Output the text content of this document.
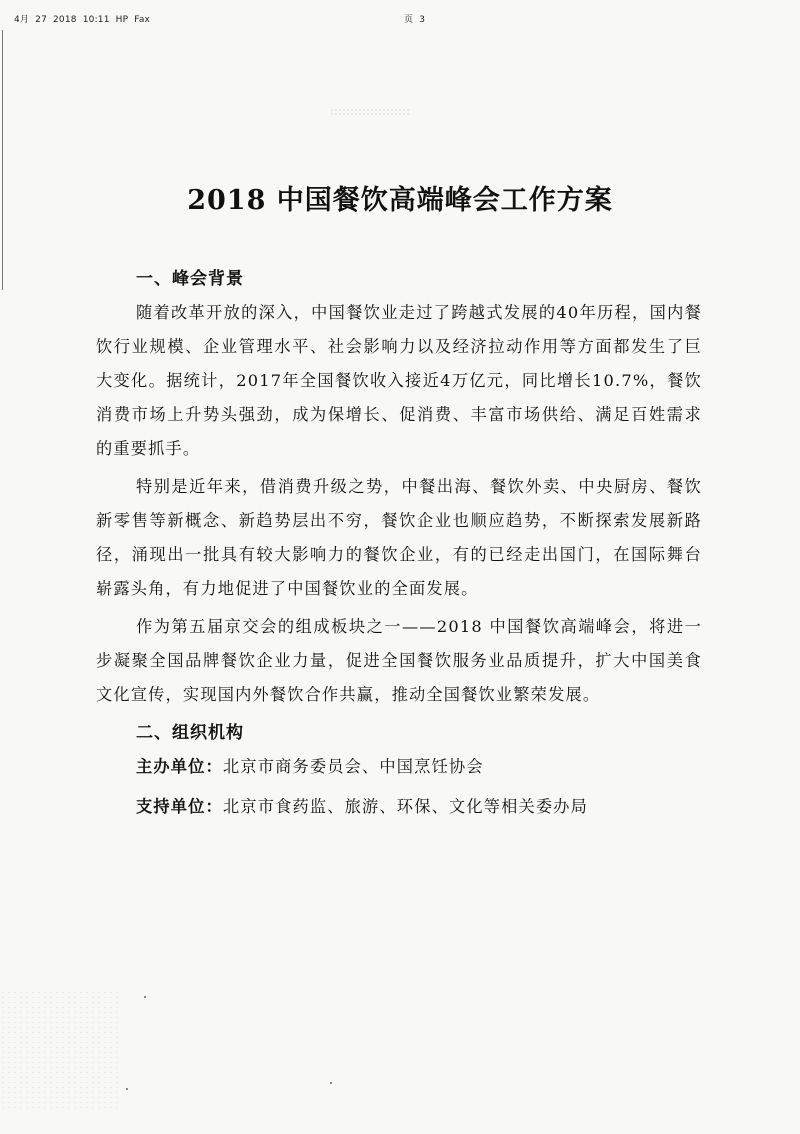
4月 27 2018 10:11 HP Fax	页 3
2018 中国餐饮高端峰会工作方案
一、峰会背景

随着改革开放的深入，中国餐饮业走过了跨越式发展的40年历程，国内餐饮行业规模、企业管理水平、社会影响力以及经济拉动作用等方面都发生了巨大变化。据统计，2017年全国餐饮收入接近4万亿元，同比增长10.7%，餐饮消费市场上升势头强劲，成为保增长、促消费、丰富市场供给、满足百姓需求的重要抓手。

特别是近年来，借消费升级之势，中餐出海、餐饮外卖、中央厨房、餐饮新零售等新概念、新趋势层出不穷，餐饮企业也顺应趋势，不断探索发展新路径，涌现出一批具有较大影响力的餐饮企业，有的已经走出国门，在国际舞台崭露头角，有力地促进了中国餐饮业的全面发展。

作为第五届京交会的组成板块之一——2018 中国餐饮高端峰会，将进一步凝聚全国品牌餐饮企业力量，促进全国餐饮服务业品质提升，扩大中国美食文化宣传，实现国内外餐饮合作共赢，推动全国餐饮业繁荣发展。

二、组织机构
主办单位：北京市商务委员会、中国烹饪协会
支持单位：北京市食药监、旅游、环保、文化等相关委办局
